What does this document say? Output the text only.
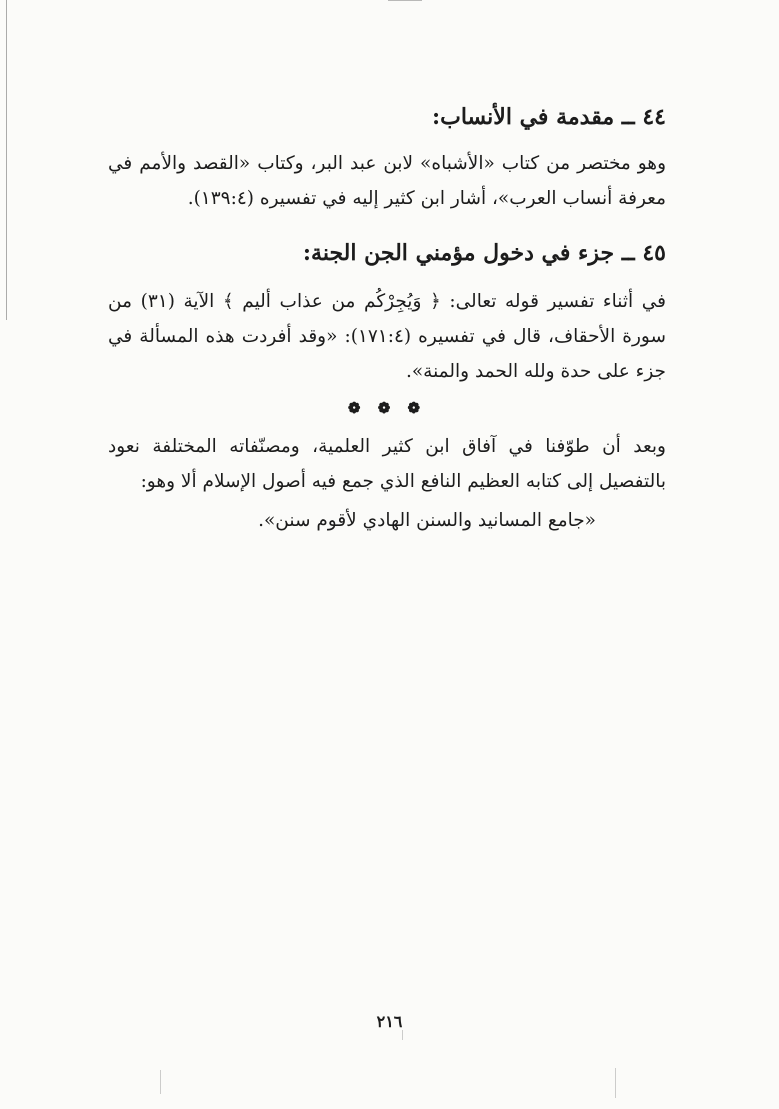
٤٤ ــ مقدمة في الأنساب:

وهو مختصر من كتاب «الأشباه» لابن عبد البر، وكتاب «القصد والأمم في معرفة أنساب العرب»، أشار ابن كثير إليه في تفسيره (١٣٩:٤).

٤٥ ــ جزء في دخول مؤمني الجن الجنة:

في أثناء تفسير قوله تعالى: ﴿ وَيُجِرْكُم من عذاب أليم ﴾ الآية (٣١) من سورة الأحقاف، قال في تفسيره (١٧١:٤): «وقد أفردت هذه المسألة في جزء على حدة ولله الحمد والمنة».

❁ ❁ ❁

وبعد أن طوّفنا في آفاق ابن كثير العلمية، ومصنّفاته المختلفة نعود بالتفصيل إلى كتابه العظيم النافع الذي جمع فيه أصول الإسلام ألا وهو:

«جامع المسانيد والسنن الهادي لأقوم سنن».

٢١٦
